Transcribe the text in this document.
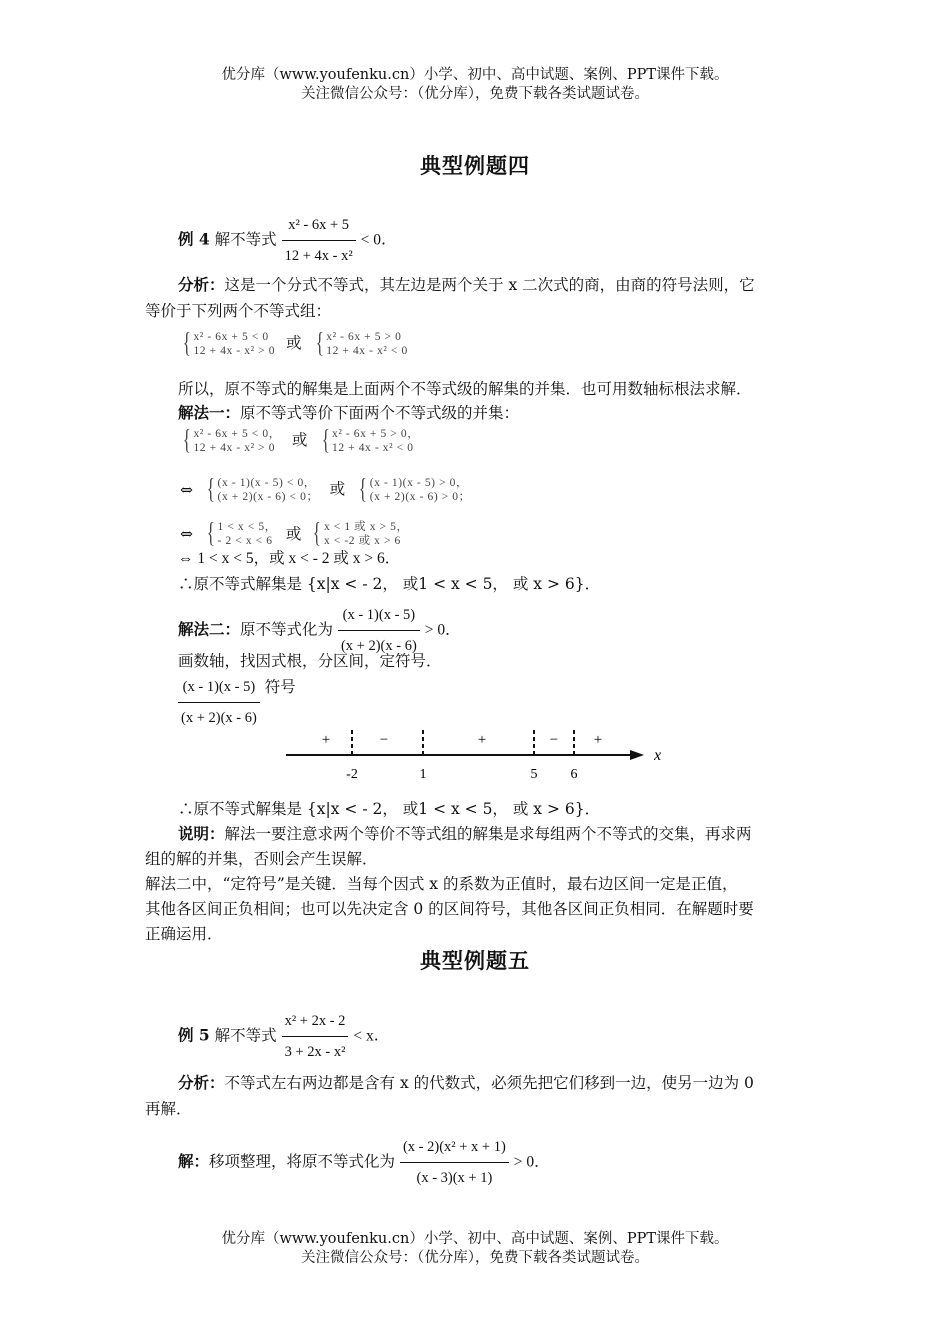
优分库（www.youfenku.cn）小学、初中、高中试题、案例、PPT课件下载。
关注微信公众号：（优分库），免费下载各类试题试卷。
典型例题四
例 4 解不等式 $\frac{\text{x² - 6x + 5}}{\text{12 + 4x - x²}} < 0$.
分析：这是一个分式不等式，其左边是两个关于 x 二次式的商，由商的符号法则，它
等价于下列两个不等式组：
{ x² - 6x + 5 < 0
12 + 4x - x² > 0 或 { x² - 6x + 5 > 0
12 + 4x - x² < 0
所以，原不等式的解集是上面两个不等式级的解集的并集．也可用数轴标根法求解．
解法一：原不等式等价下面两个不等式级的并集：
{ x² - 6x + 5 < 0，
12 + 4x - x² > 0	或 { x² - 6x + 5 > 0，
12 + 4x - x² < 0
⇔ { (x - 1)(x - 5) < 0，
(x + 2)(x - 6) < 0； 或 { (x - 1)(x - 5) > 0，
(x + 2)(x - 6) > 0；
⇔ { 1 < x < 5，
- 2 < x < 6 或 { x < 1 或 x > 5，
x < -2 或 x > 6
⇔ 1 < x < 5，或 x < - 2 或 x > 6．
∴原不等式解集是 {x|x < - 2， 或1 < x < 5， 或 x > 6}．
解法二：原不等式化为 $\frac{(x - 1)(x - 5)}{(x + 2)(x - 6)} > 0$．
画数轴，找因式根，分区间，定符号．
$\frac{(x - 1)(x - 5)}{(x + 2)(x - 6)}$ 符号
-2	1	5 6
+	−	+	− +
x
∴原不等式解集是 {x|x < - 2， 或1 < x < 5， 或 x > 6}．
说明：解法一要注意求两个等价不等式组的解集是求每组两个不等式的交集，再求两
组的解的并集，否则会产生误解．
解法二中，“定符号”是关键．当每个因式 x 的系数为正值时，最右边区间一定是正值，
其他各区间正负相间；也可以先决定含 0 的区间符号，其他各区间正负相同．在解题时要
正确运用．
典型例题五
例 5 解不等式 $\frac{\text{x² + 2x - 2}}{\text{3 + 2x - x²}} < x$.
分析：不等式左右两边都是含有 x 的代数式，必须先把它们移到一边，使另一边为 0
再解．
解：移项整理，将原不等式化为 $\frac{\text{(x - 2)(x² + x + 1)}}{(x - 3)(x + 1)} > 0$．
优分库（www.youfenku.cn）小学、初中、高中试题、案例、PPT课件下载。
关注微信公众号：（优分库），免费下载各类试题试卷。
